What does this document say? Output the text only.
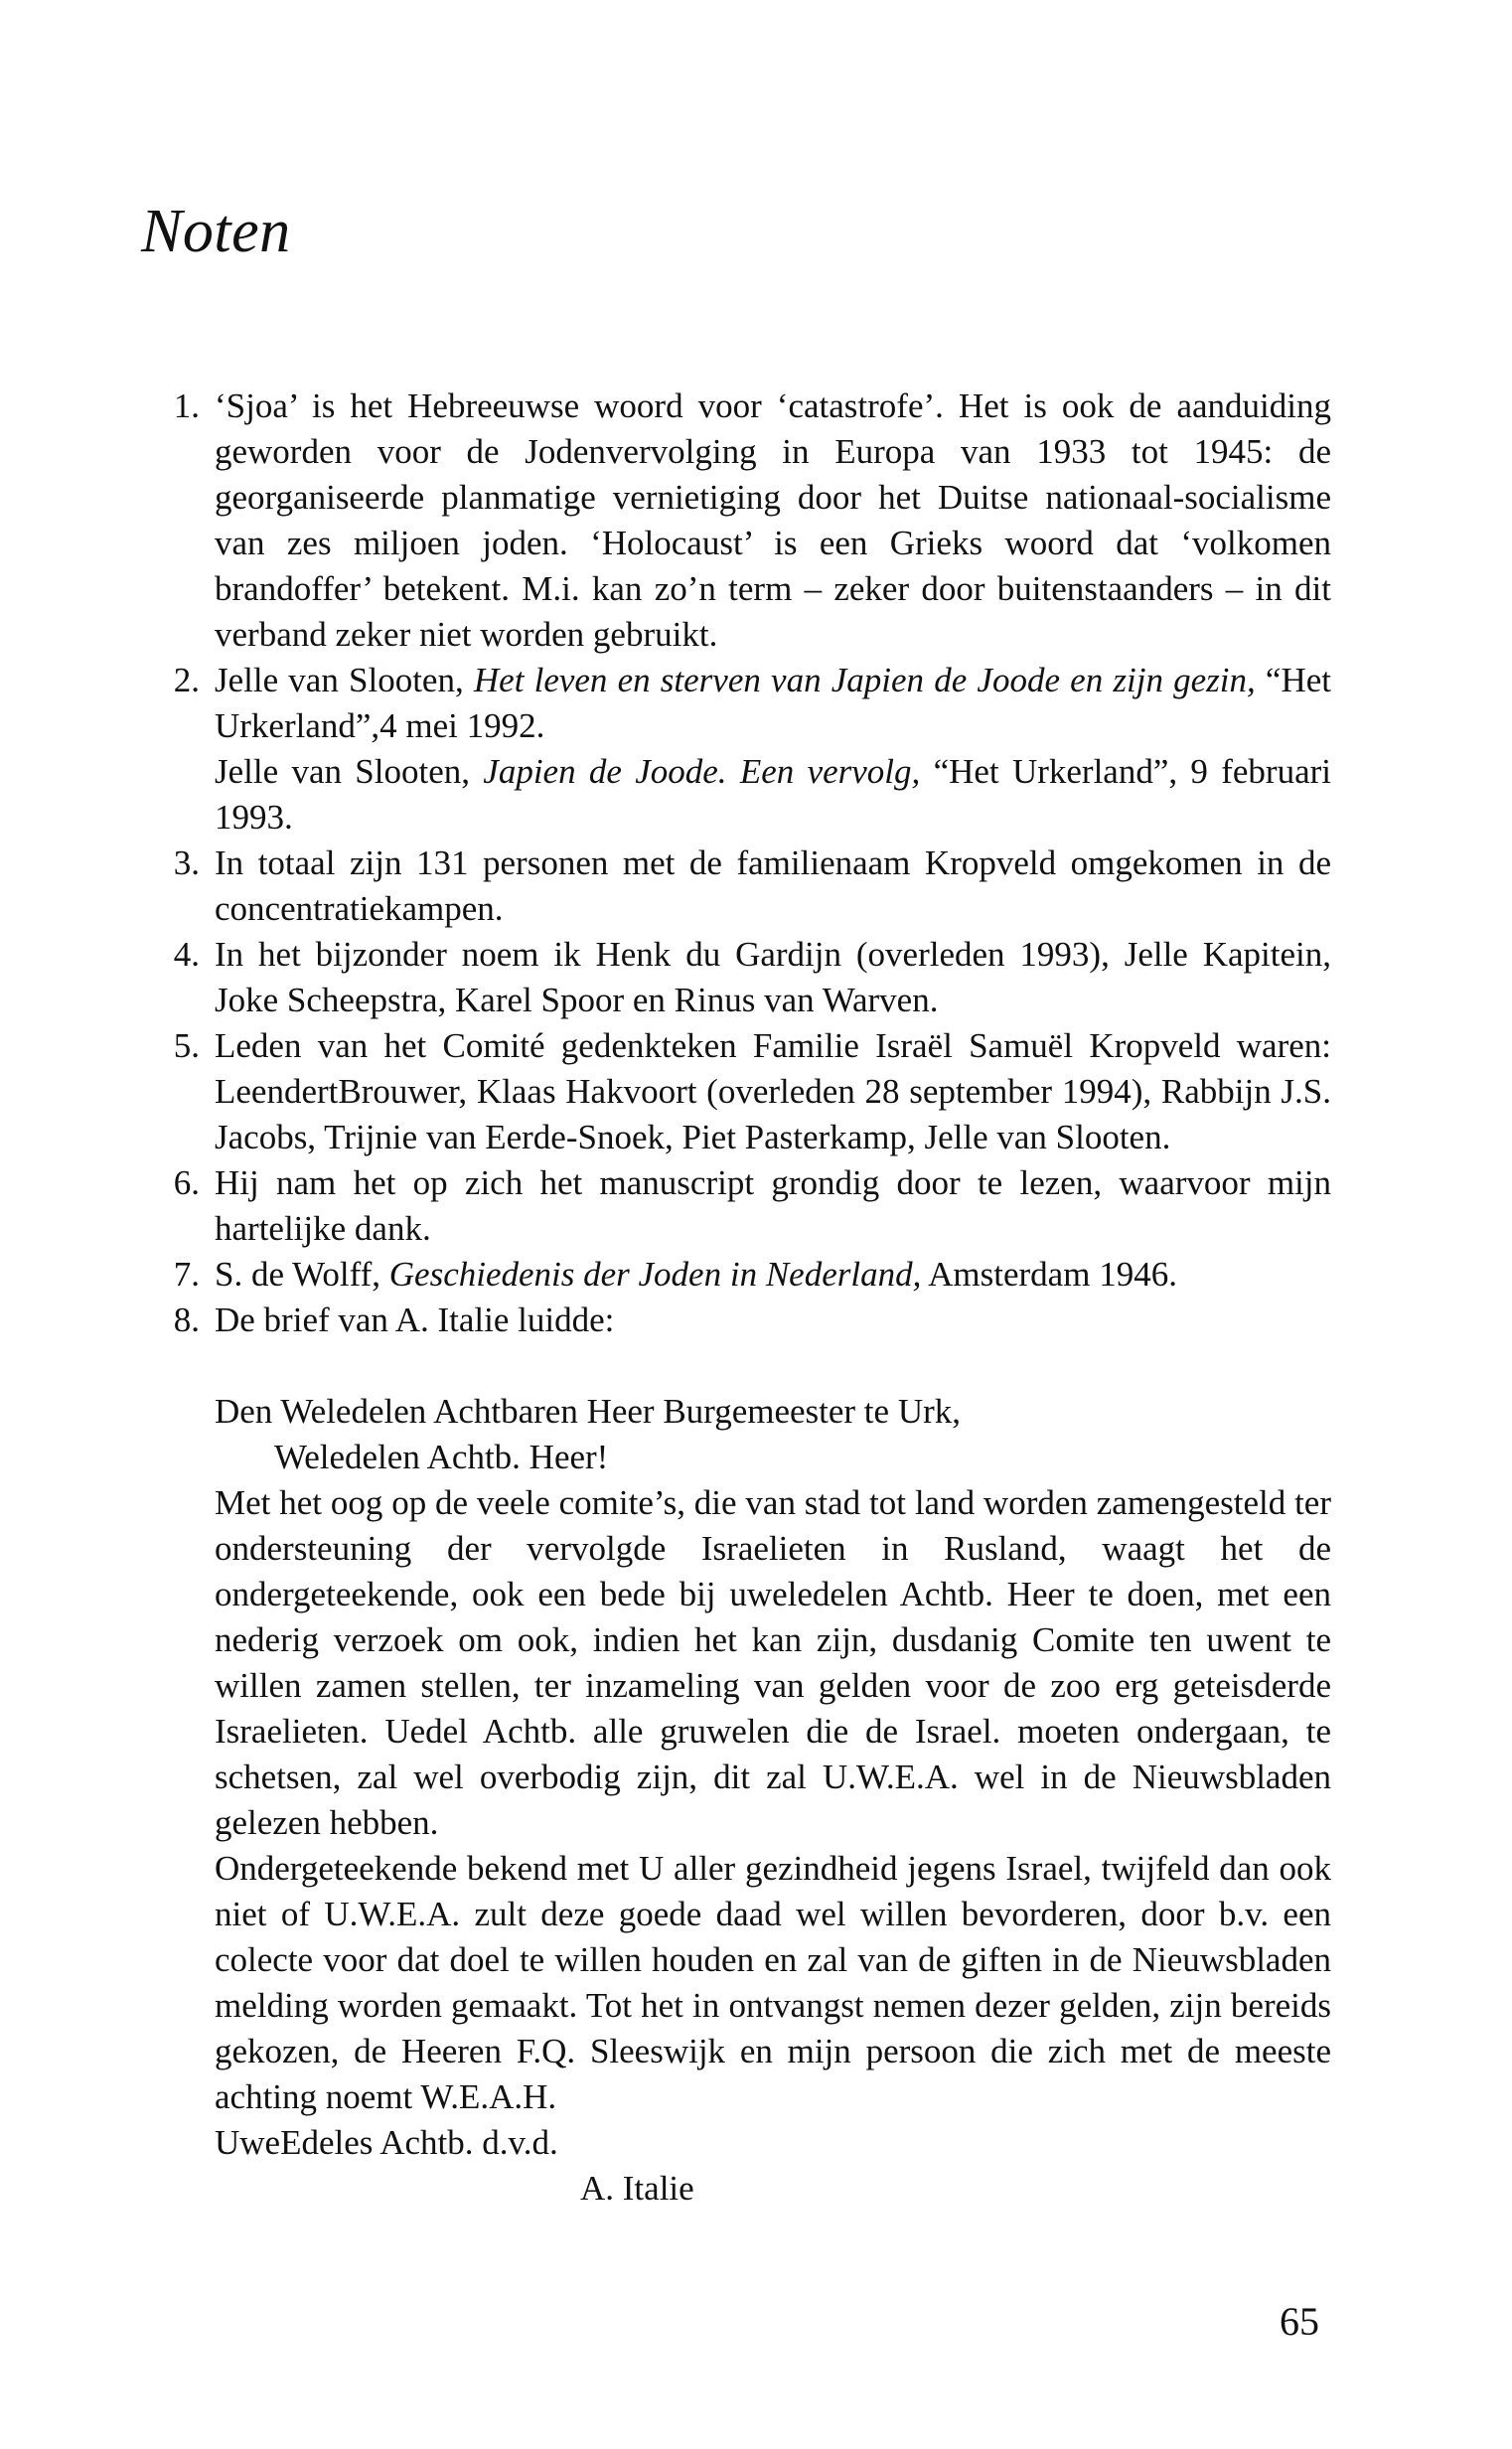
Noten
1. ‘Sjoa’ is het Hebreeuwse woord voor ‘catastrofe’. Het is ook de aanduiding geworden voor de Jodenvervolging in Europa van 1933 tot 1945: de georganiseerde planmatige vernietiging door het Duitse nationaal-socialisme van zes miljoen joden. ‘Holocaust’ is een Grieks woord dat ‘volkomen brandoffer’ betekent. M.i. kan zo’n term – zeker door buitenstaanders – in dit verband zeker niet worden gebruikt.
2. Jelle van Slooten, Het leven en sterven van Japien de Joode en zijn gezin, “Het Urkerland”,4 mei 1992.

Jelle van Slooten, Japien de Joode. Een vervolg, “Het Urkerland”, 9 februari 1993.

3. In totaal zijn 131 personen met de familienaam Kropveld omgekomen in de concentratiekampen.
4. In het bijzonder noem ik Henk du Gardijn (overleden 1993), Jelle Kapitein, Joke Scheepstra, Karel Spoor en Rinus van Warven.
5. Leden van het Comité gedenkteken Familie Israël Samuël Kropveld waren: LeendertBrouwer, Klaas Hakvoort (overleden 28 september 1994), Rabbijn J.S. Jacobs, Trijnie van Eerde-Snoek, Piet Pasterkamp, Jelle van Slooten.
6. Hij nam het op zich het manuscript grondig door te lezen, waarvoor mijn hartelijke dank.
7. S. de Wolff, Geschiedenis der Joden in Nederland, Amsterdam 1946.
8. De brief van A. Italie luidde:

Den Weledelen Achtbaren Heer Burgemeester te Urk,

Weledelen Achtb. Heer!

Met het oog op de veele comite’s, die van stad tot land worden zamengesteld ter ondersteuning der vervolgde Israelieten in Rusland, waagt het de ondergeteekende, ook een bede bij uweledelen Achtb. Heer te doen, met een nederig verzoek om ook, indien het kan zijn, dusdanig Comite ten uwent te willen zamen stellen, ter inzameling van gelden voor de zoo erg geteisderde Israelieten. Uedel Achtb. alle gruwelen die de Israel. moeten ondergaan, te schetsen, zal wel overbodig zijn, dit zal U.W.E.A. wel in de Nieuwsbladen gelezen hebben.

Ondergeteekende bekend met U aller gezindheid jegens Israel, twijfeld dan ook niet of U.W.E.A. zult deze goede daad wel willen bevorderen, door b.v. een colecte voor dat doel te willen houden en zal van de giften in de Nieuwsbladen melding worden gemaakt. Tot het in ontvangst nemen dezer gelden, zijn bereids gekozen, de Heeren F.Q. Sleeswijk en mijn persoon die zich met de meeste achting noemt W.E.A.H.

UweEdeles Achtb. d.v.d.

A. Italie

65
